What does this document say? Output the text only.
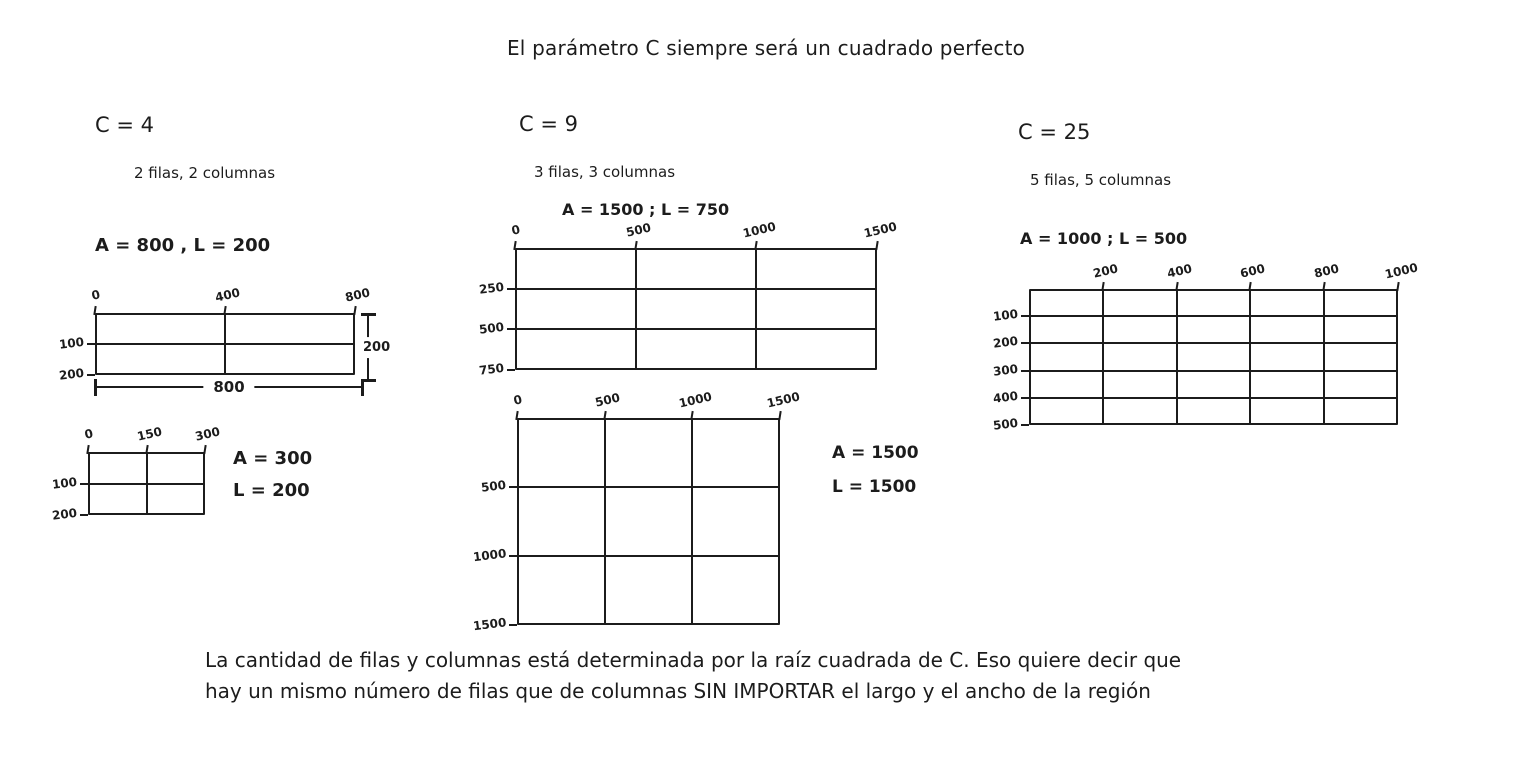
El parámetro C siempre será un cuadrado perfecto
C = 4
2 filas, 2 columnas
A = 800 , L = 200
0	400	800
100
200
800
200
0	150	300
100
200
A = 300
L = 200
C = 9
3 filas, 3 columnas
A = 1500 ; L = 750
0	500	1000	1500
250
500
750
0	500	1000	1500
500
1000
1500
A = 1500
L = 1500
C = 25
5 filas, 5 columnas
A = 1000 ; L = 500
200	400	600	800	1000
100
200
300
400
500
La cantidad de filas y columnas está determinada por la raíz cuadrada de C. Eso quiere decir que
hay un mismo número de filas que de columnas SIN IMPORTAR el largo y el ancho de la región
